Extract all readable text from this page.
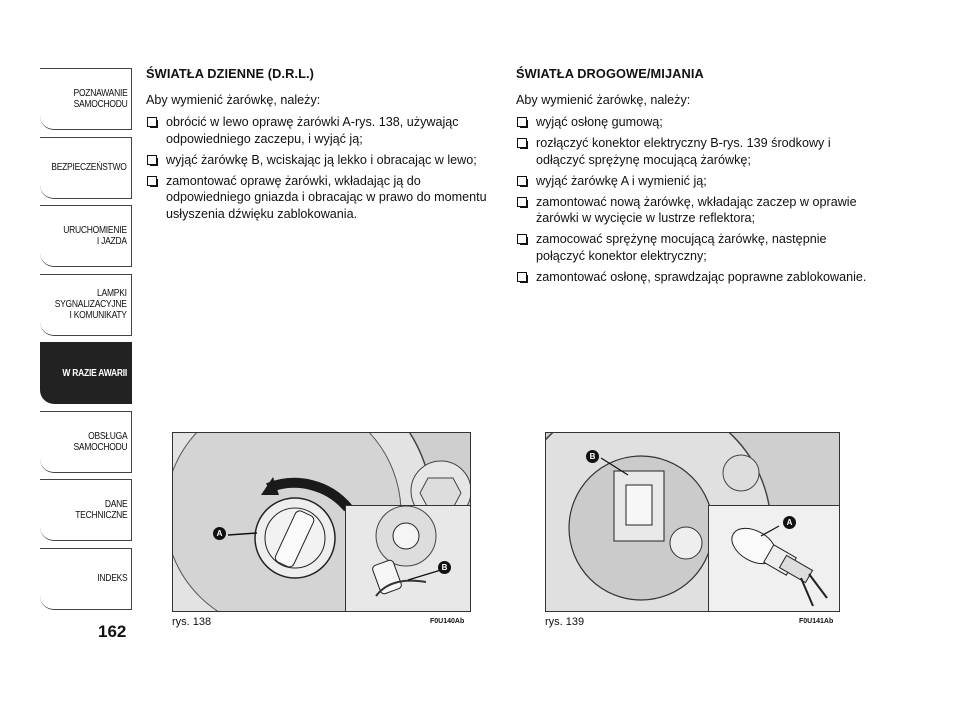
POZNAWANIE
SAMOCHODU
BEZPIECZEŃSTWO
URUCHOMIENIE
I JAZDA
LAMPKI
SYGNALIZACYJNE
I KOMUNIKATY
W RAZIE AWARII
OBSŁUGA
SAMOCHODU
DANE
TECHNICZNE
INDEKS
162
ŚWIATŁA DZIENNE (D.R.L.)

Aby wymienić żarówkę, należy:

obrócić w lewo oprawę żarówki A-rys. 138, używając odpowiedniego zaczepu, i wyjąć ją;
wyjąć żarówkę B, wciskając ją lekko i obracając w lewo;
zamontować oprawę żarówki, wkładając ją do odpowiedniego gniazda i obracając w prawo do momentu usłyszenia dźwięku zablokowania.
ŚWIATŁA DROGOWE/MIJANIA

Aby wymienić żarówkę, należy:

wyjąć osłonę gumową;
rozłączyć konektor elektryczny B-rys. 139 środkowy i odłączyć sprężynę mocującą żarówkę;
wyjąć żarówkę A i wymienić ją;
zamontować nową żarówkę, wkładając zaczep w oprawie żarówki w wycięcie w lustrze reflektora;
zamocować sprężynę mocującą żarówkę, następnie połączyć konektor elektryczny;
zamontować osłonę, sprawdzając poprawne zablokowanie.
A
B
rys. 138	F0U140Ab
B
A
rys. 139	F0U141Ab
